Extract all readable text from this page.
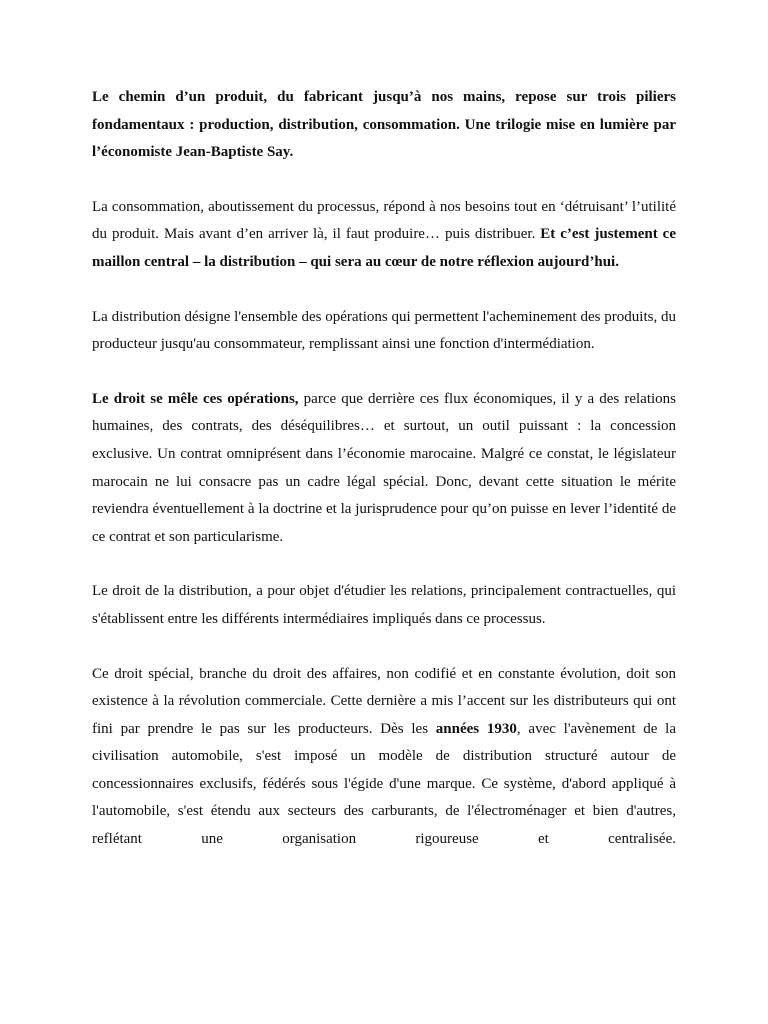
Le chemin d’un produit, du fabricant jusqu’à nos mains, repose sur trois piliers fondamentaux : production, distribution, consommation. Une trilogie mise en lumière par l’économiste Jean-Baptiste Say.

La consommation, aboutissement du processus, répond à nos besoins tout en ‘détruisant’ l’utilité du produit. Mais avant d’en arriver là, il faut produire… puis distribuer. Et c’est justement ce maillon central – la distribution – qui sera au cœur de notre réflexion aujourd’hui.

La distribution désigne l'ensemble des opérations qui permettent l'acheminement des produits, du producteur jusqu'au consommateur, remplissant ainsi une fonction d'intermédiation.

Le droit se mêle ces opérations, parce que derrière ces flux économiques, il y a des relations humaines, des contrats, des déséquilibres… et surtout, un outil puissant : la concession exclusive. Un contrat omniprésent dans l’économie marocaine. Malgré ce constat, le législateur marocain ne lui consacre pas un cadre légal spécial. Donc, devant cette situation le mérite reviendra éventuellement à la doctrine et la jurisprudence pour qu’on puisse en lever l’identité de ce contrat et son particularisme.

Le droit de la distribution, a pour objet d'étudier les relations, principalement contractuelles, qui s'établissent entre les différents intermédiaires impliqués dans ce processus.

Ce droit spécial, branche du droit des affaires, non codifié et en constante évolution, doit son existence à la révolution commerciale. Cette dernière a mis l’accent sur les distributeurs qui ont fini par prendre le pas sur les producteurs. Dès les années 1930, avec l'avènement de la civilisation automobile, s'est imposé un modèle de distribution structuré autour de concessionnaires exclusifs, fédérés sous l'égide d'une marque. Ce système, d'abord appliqué à l'automobile, s'est étendu aux secteurs des carburants, de l'électroménager et bien d'autres, reflétant une organisation rigoureuse et centralisée.
